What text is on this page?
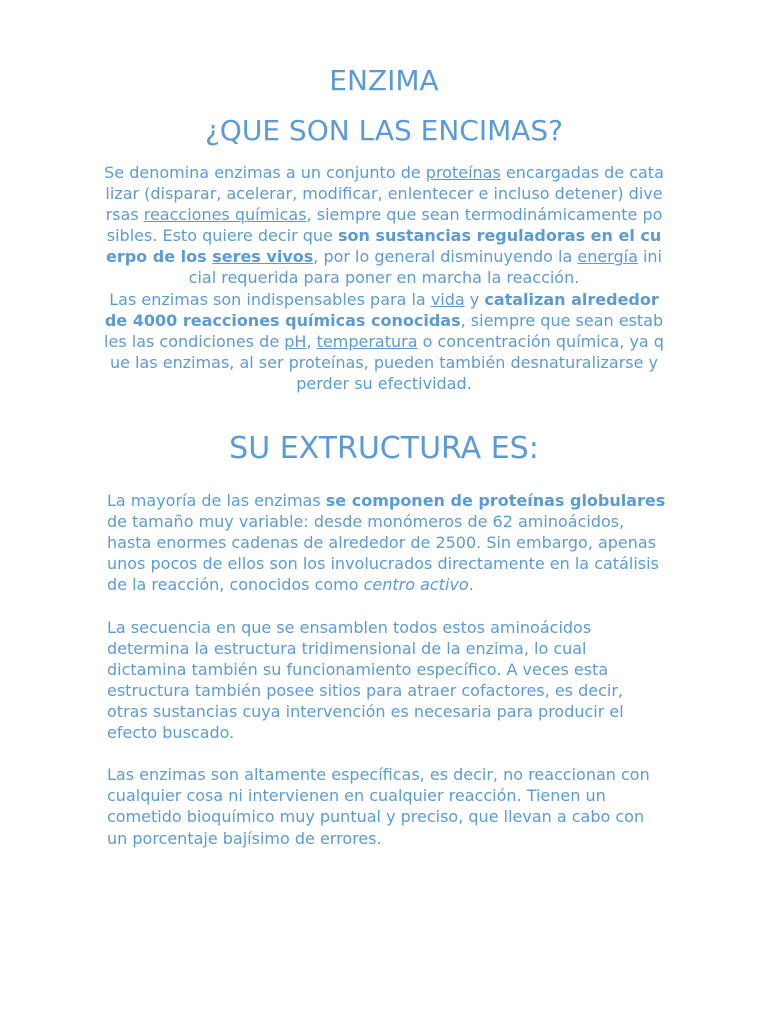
ENZIMA
¿QUE SON LAS ENCIMAS?

Se denomina enzimas a un conjunto de proteínas encargadas de catalizar (disparar, acelerar, modificar, enlentecer e incluso detener) diversas reacciones químicas, siempre que sean termodinámicamente posibles. Esto quiere decir que son sustancias reguladoras en el cuerpo de los seres vivos, por lo general disminuyendo la energía inicial requerida para poner en marcha la reacción.

Las enzimas son indispensables para la vida y catalizan alrededor de 4000 reacciones químicas conocidas, siempre que sean estables las condiciones de pH, temperatura o concentración química, ya que las enzimas, al ser proteínas, pueden también desnaturalizarse y perder su efectividad.

SU EXTRUCTURA ES:

La mayoría de las enzimas se componen de proteínas globulares de tamaño muy variable: desde monómeros de 62 aminoácidos, hasta enormes cadenas de alrededor de 2500. Sin embargo, apenas unos pocos de ellos son los involucrados directamente en la catálisis de la reacción, conocidos como centro activo.

La secuencia en que se ensamblen todos estos aminoácidos determina la estructura tridimensional de la enzima, lo cual dictamina también su funcionamiento específico. A veces esta estructura también posee sitios para atraer cofactores, es decir, otras sustancias cuya intervención es necesaria para producir el efecto buscado.

Las enzimas son altamente específicas, es decir, no reaccionan con cualquier cosa ni intervienen en cualquier reacción. Tienen un cometido bioquímico muy puntual y preciso, que llevan a cabo con un porcentaje bajísimo de errores.
